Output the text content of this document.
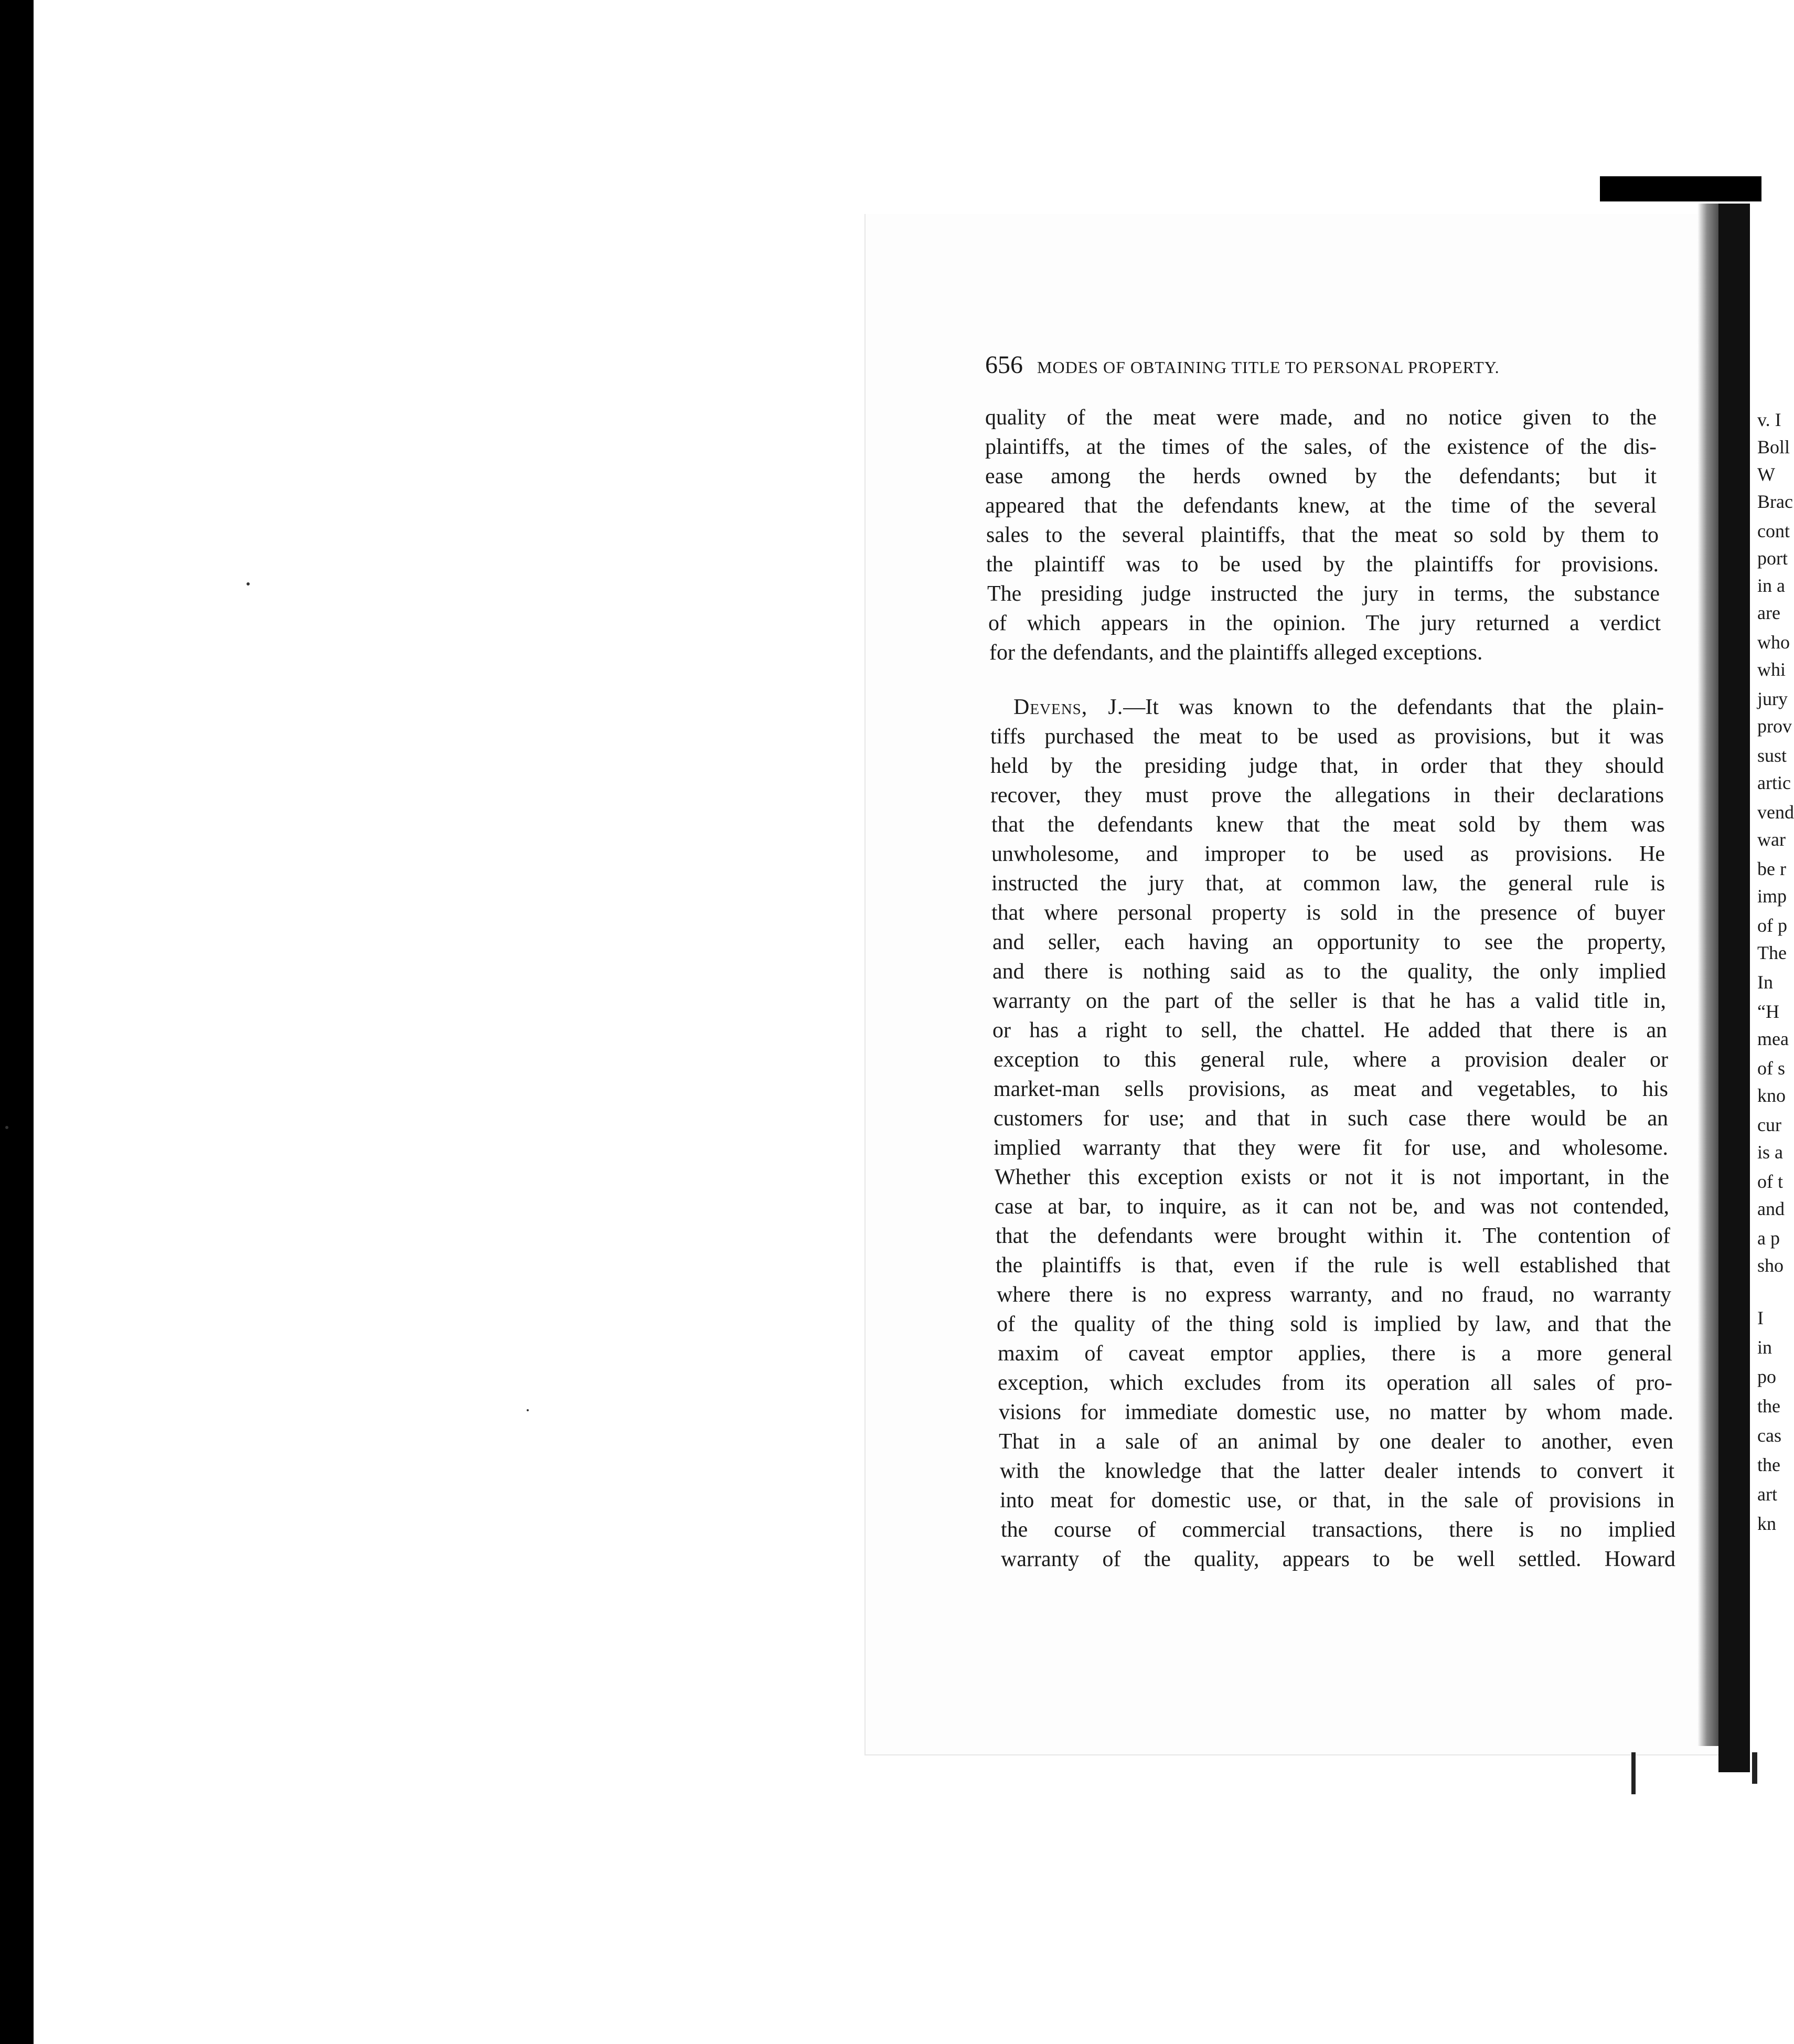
656 MODES OF OBTAINING TITLE TO PERSONAL PROPERTY.
quality of the meat were made, and no notice given to the
plaintiffs, at the times of the sales, of the existence of the dis-
ease among the herds owned by the defendants; but it
appeared that the defendants knew, at the time of the several
sales to the several plaintiffs, that the meat so sold by them to
the plaintiff was to be used by the plaintiffs for provisions.
The presiding judge instructed the jury in terms, the substance
of which appears in the opinion. The jury returned a verdict
for the defendants, and the plaintiffs alleged exceptions.
Devens, J.—It was known to the defendants that the plain-
tiffs purchased the meat to be used as provisions, but it was
held by the presiding judge that, in order that they should
recover, they must prove the allegations in their declarations
that the defendants knew that the meat sold by them was
unwholesome, and improper to be used as provisions. He
instructed the jury that, at common law, the general rule is
that where personal property is sold in the presence of buyer
and seller, each having an opportunity to see the property,
and there is nothing said as to the quality, the only implied
warranty on the part of the seller is that he has a valid title in,
or has a right to sell, the chattel. He added that there is an
exception to this general rule, where a provision dealer or
market-man sells provisions, as meat and vegetables, to his
customers for use; and that in such case there would be an
implied warranty that they were fit for use, and wholesome.
Whether this exception exists or not it is not important, in the
case at bar, to inquire, as it can not be, and was not contended,
that the defendants were brought within it. The contention of
the plaintiffs is that, even if the rule is well established that
where there is no express warranty, and no fraud, no warranty
of the quality of the thing sold is implied by law, and that the
maxim of caveat emptor applies, there is a more general
exception, which excludes from its operation all sales of pro-
visions for immediate domestic use, no matter by whom made.
That in a sale of an animal by one dealer to another, even
with the knowledge that the latter dealer intends to convert it
into meat for domestic use, or that, in the sale of provisions in
the course of commercial transactions, there is no implied
warranty of the quality, appears to be well settled. Howard
v. I
Boll
W
Brac
cont
port
in a
are
who
whi
jury
prov
sust
artic
vend
war
be r
imp
of p
The
In
“H
mea
of s
kno
cur
is a
of t
and
a p
sho
I
in
po
the
cas
the
art
kn
